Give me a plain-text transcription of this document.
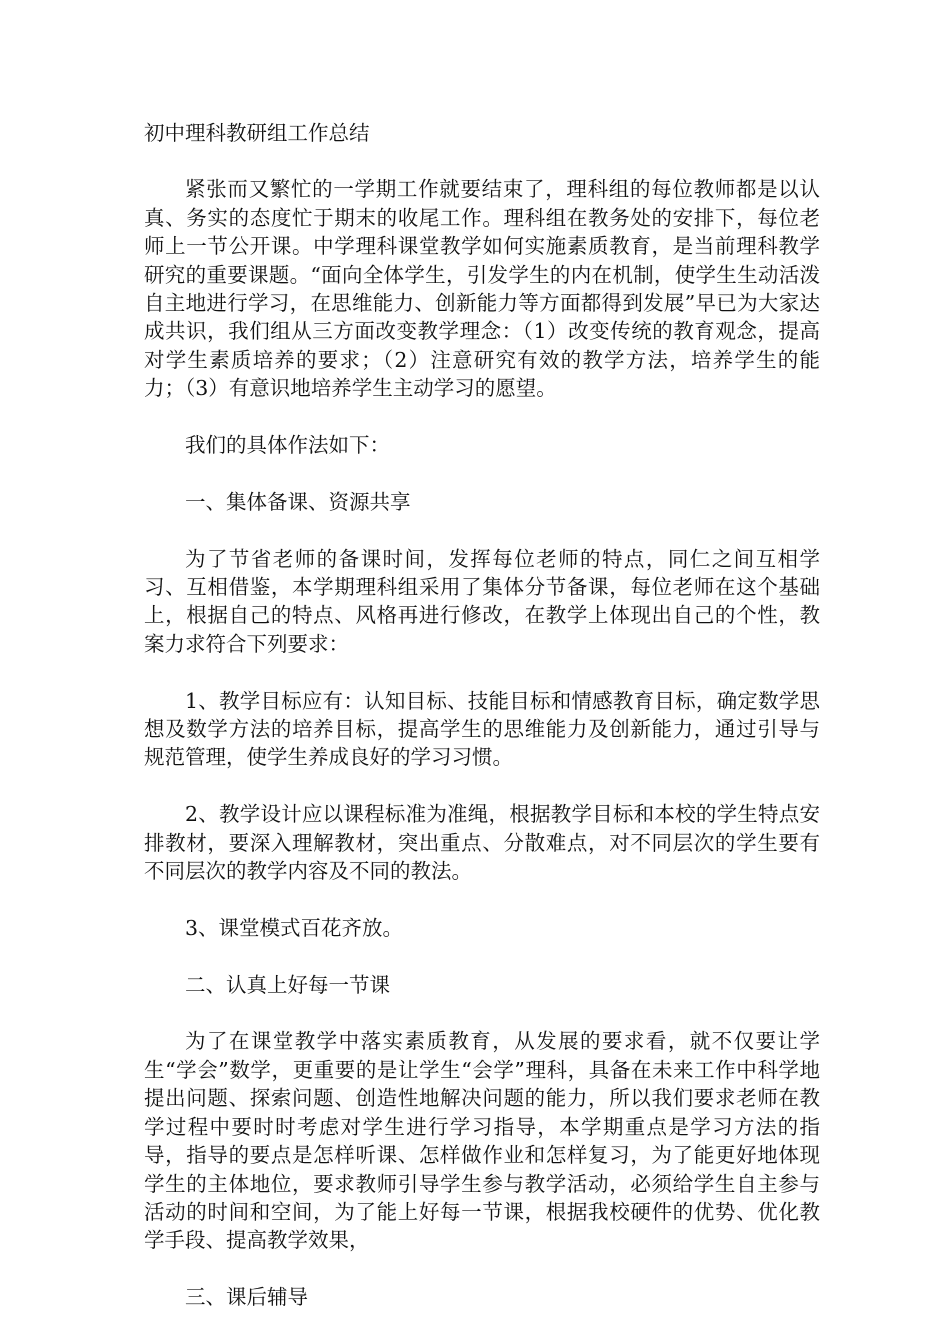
初中理科教研组工作总结

紧张而又繁忙的一学期工作就要结束了，理科组的每位教师都是以认真、务实的态度忙于期末的收尾工作。理科组在教务处的安排下，每位老师上一节公开课。中学理科课堂教学如何实施素质教育，是当前理科教学研究的重要课题。“面向全体学生，引发学生的内在机制，使学生生动活泼自主地进行学习，在思维能力、创新能力等方面都得到发展”早已为大家达成共识，我们组从三方面改变教学理念：（1）改变传统的教育观念，提高对学生素质培养的要求；（2）注意研究有效的教学方法，培养学生的能力；（3）有意识地培养学生主动学习的愿望。

我们的具体作法如下：

一、集体备课、资源共享

为了节省老师的备课时间，发挥每位老师的特点，同仁之间互相学习、互相借鉴，本学期理科组采用了集体分节备课，每位老师在这个基础上，根据自己的特点、风格再进行修改，在教学上体现出自己的个性，教案力求符合下列要求：

1、教学目标应有：认知目标、技能目标和情感教育目标，确定数学思想及数学方法的培养目标，提高学生的思维能力及创新能力，通过引导与规范管理，使学生养成良好的学习习惯。

2、教学设计应以课程标准为准绳，根据教学目标和本校的学生特点安排教材，要深入理解教材，突出重点、分散难点，对不同层次的学生要有不同层次的教学内容及不同的教法。

3、课堂模式百花齐放。

二、认真上好每一节课

为了在课堂教学中落实素质教育，从发展的要求看，就不仅要让学生“学会”数学，更重要的是让学生“会学”理科，具备在未来工作中科学地提出问题、探索问题、创造性地解决问题的能力，所以我们要求老师在教学过程中要时时考虑对学生进行学习指导，本学期重点是学习方法的指导，指导的要点是怎样听课、怎样做作业和怎样复习，为了能更好地体现学生的主体地位，要求教师引导学生参与教学活动，必须给学生自主参与活动的时间和空间，为了能上好每一节课，根据我校硬件的优势、优化教学手段、提高教学效果，

三、课后辅导
